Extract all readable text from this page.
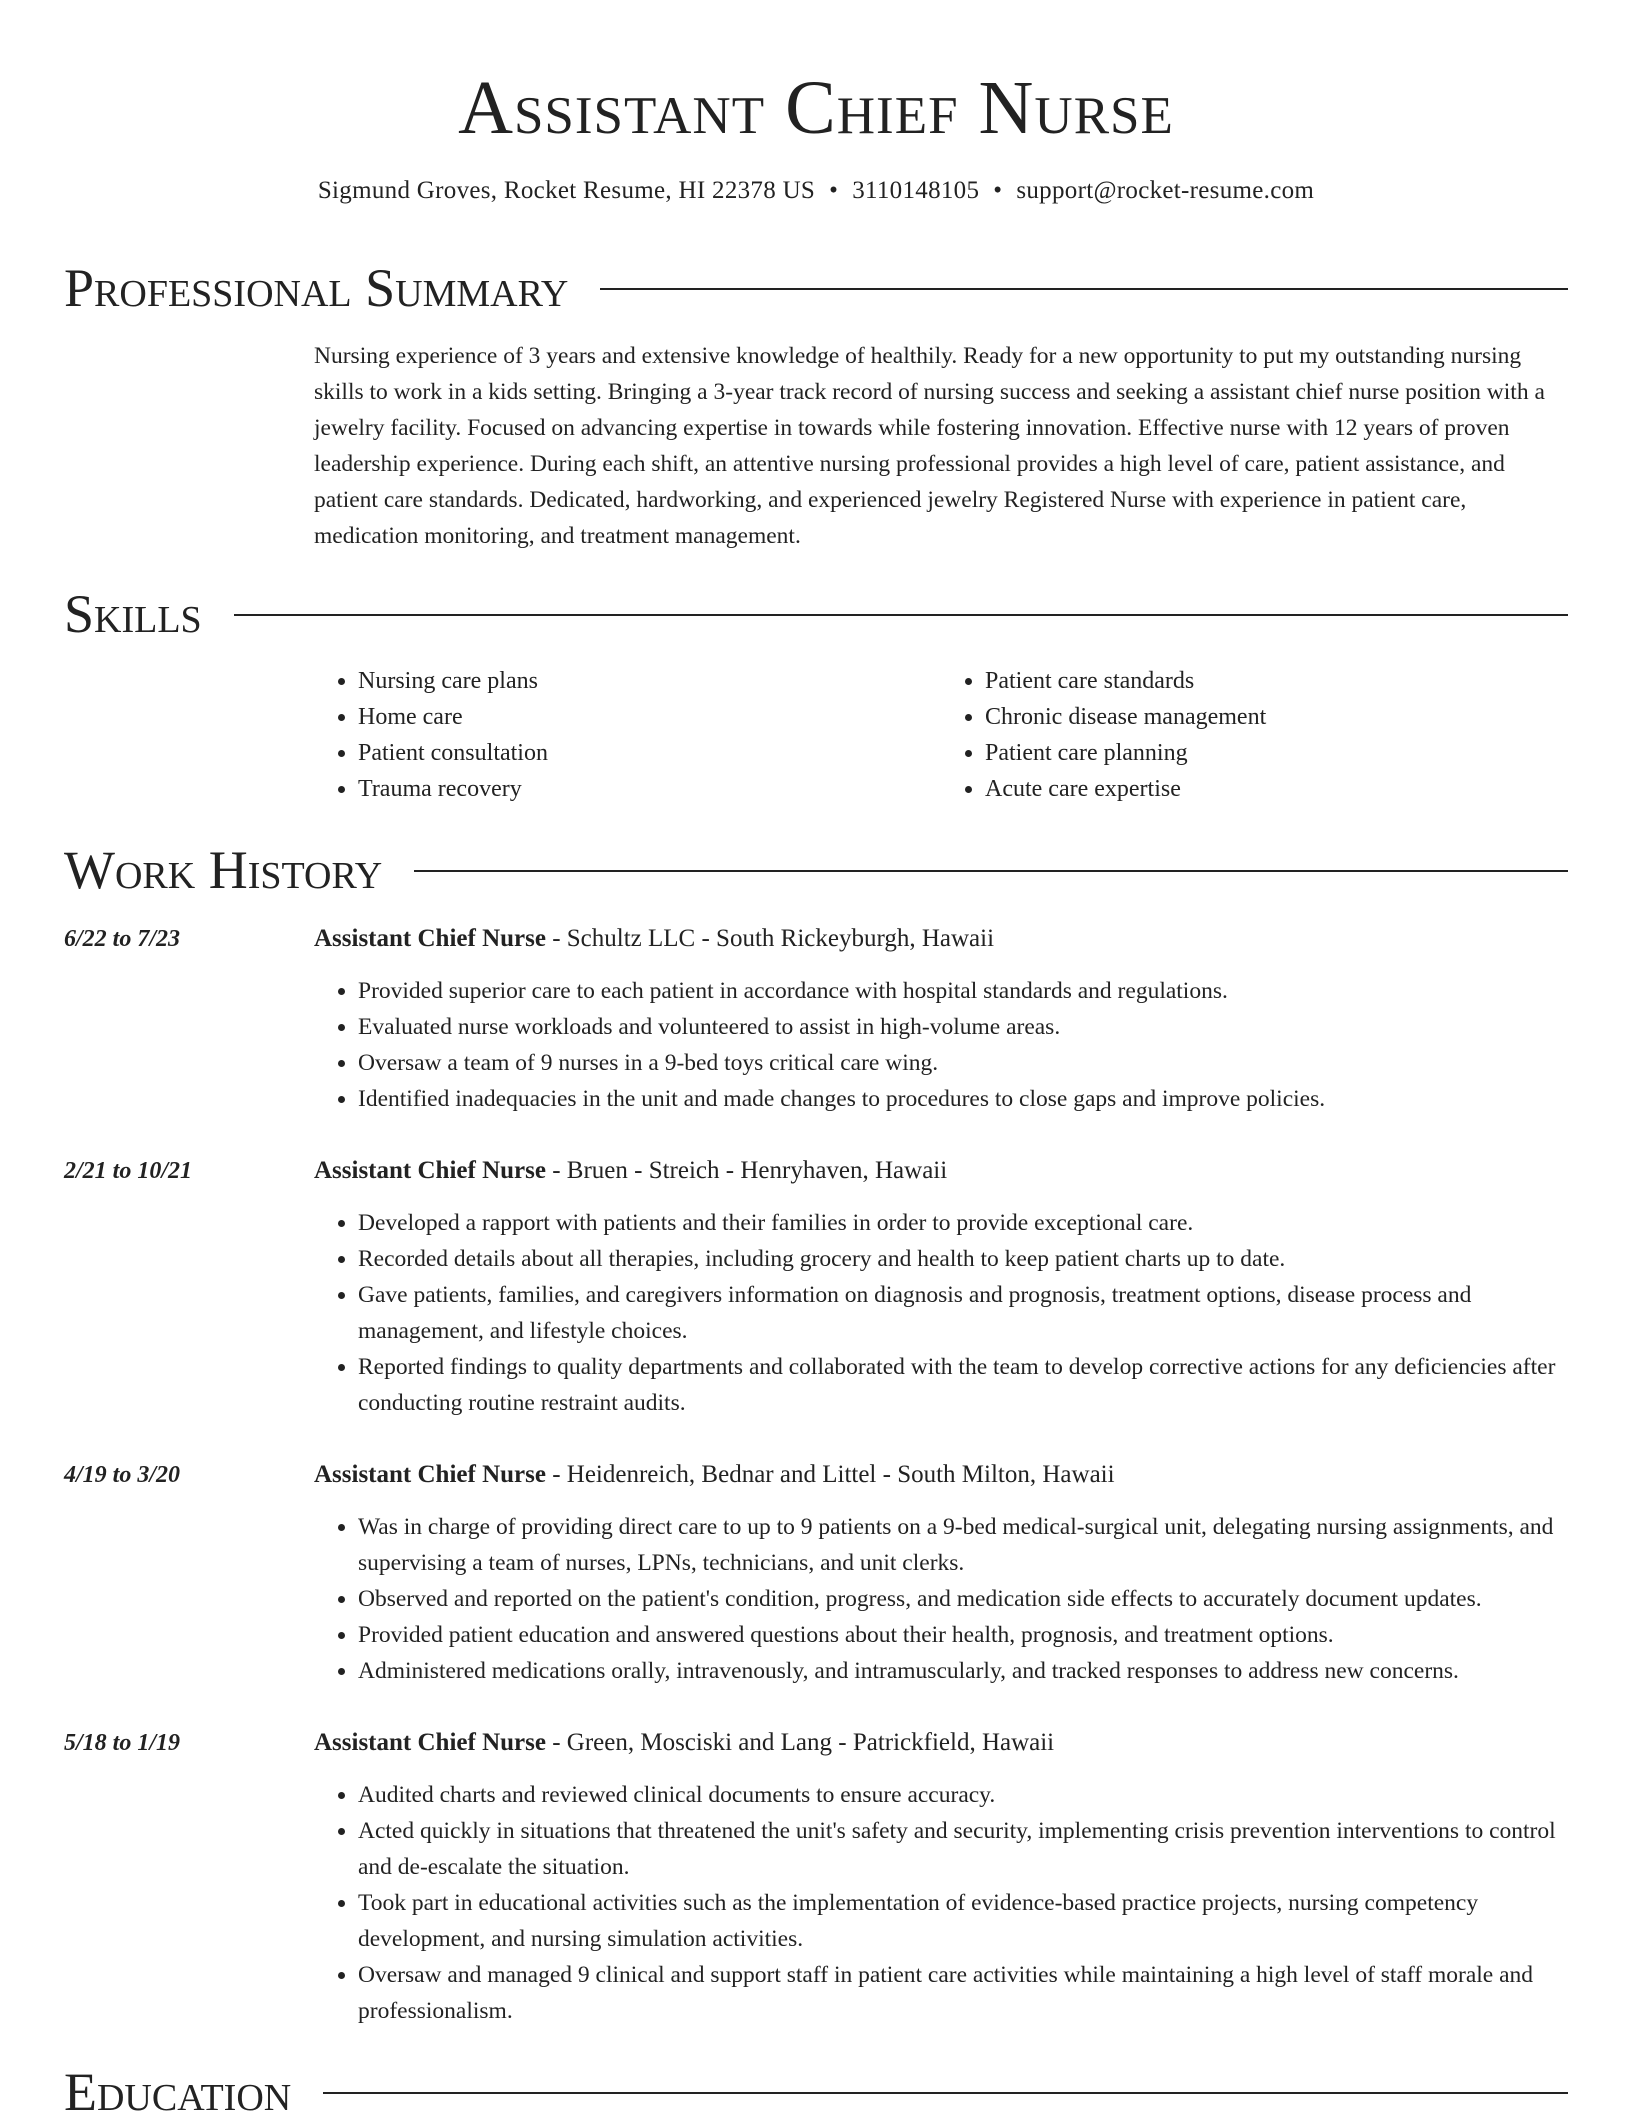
Assistant Chief Nurse
Sigmund Groves, Rocket Resume, HI 22378 US • 3110148105 • support@rocket-resume.com
Professional Summary

Nursing experience of 3 years and extensive knowledge of healthily. Ready for a new opportunity to put my outstanding nursing skills to work in a kids setting. Bringing a 3-year track record of nursing success and seeking a assistant chief nurse position with a jewelry facility. Focused on advancing expertise in towards while fostering innovation. Effective nurse with 12 years of proven leadership experience. During each shift, an attentive nursing professional provides a high level of care, patient assistance, and patient care standards. Dedicated, hardworking, and experienced jewelry Registered Nurse with experience in patient care, medication monitoring, and treatment management.

Skills
• Nursing care plans
• Home care
• Patient consultation
• Trauma recovery
• Patient care standards
• Chronic disease management
• Patient care planning
• Acute care expertise
Work History
6/22 to 7/23	Assistant Chief Nurse - Schultz LLC - South Rickeyburgh, Hawaii
• Provided superior care to each patient in accordance with hospital standards and regulations.
• Evaluated nurse workloads and volunteered to assist in high-volume areas.
• Oversaw a team of 9 nurses in a 9-bed toys critical care wing.
• Identified inadequacies in the unit and made changes to procedures to close gaps and improve policies.
2/21 to 10/21	Assistant Chief Nurse - Bruen - Streich - Henryhaven, Hawaii
• Developed a rapport with patients and their families in order to provide exceptional care.
• Recorded details about all therapies, including grocery and health to keep patient charts up to date.
• Gave patients, families, and caregivers information on diagnosis and prognosis, treatment options, disease process and management, and lifestyle choices.
• Reported findings to quality departments and collaborated with the team to develop corrective actions for any deficiencies after conducting routine restraint audits.
4/19 to 3/20	Assistant Chief Nurse - Heidenreich, Bednar and Littel - South Milton, Hawaii
• Was in charge of providing direct care to up to 9 patients on a 9-bed medical-surgical unit, delegating nursing assignments, and supervising a team of nurses, LPNs, technicians, and unit clerks.
• Observed and reported on the patient's condition, progress, and medication side effects to accurately document updates.
• Provided patient education and answered questions about their health, prognosis, and treatment options.
• Administered medications orally, intravenously, and intramuscularly, and tracked responses to address new concerns.
5/18 to 1/19	Assistant Chief Nurse - Green, Mosciski and Lang - Patrickfield, Hawaii
• Audited charts and reviewed clinical documents to ensure accuracy.
• Acted quickly in situations that threatened the unit's safety and security, implementing crisis prevention interventions to control and de-escalate the situation.
• Took part in educational activities such as the implementation of evidence-based practice projects, nursing competency development, and nursing simulation activities.
• Oversaw and managed 9 clinical and support staff in patient care activities while maintaining a high level of staff morale and professionalism.
Education
